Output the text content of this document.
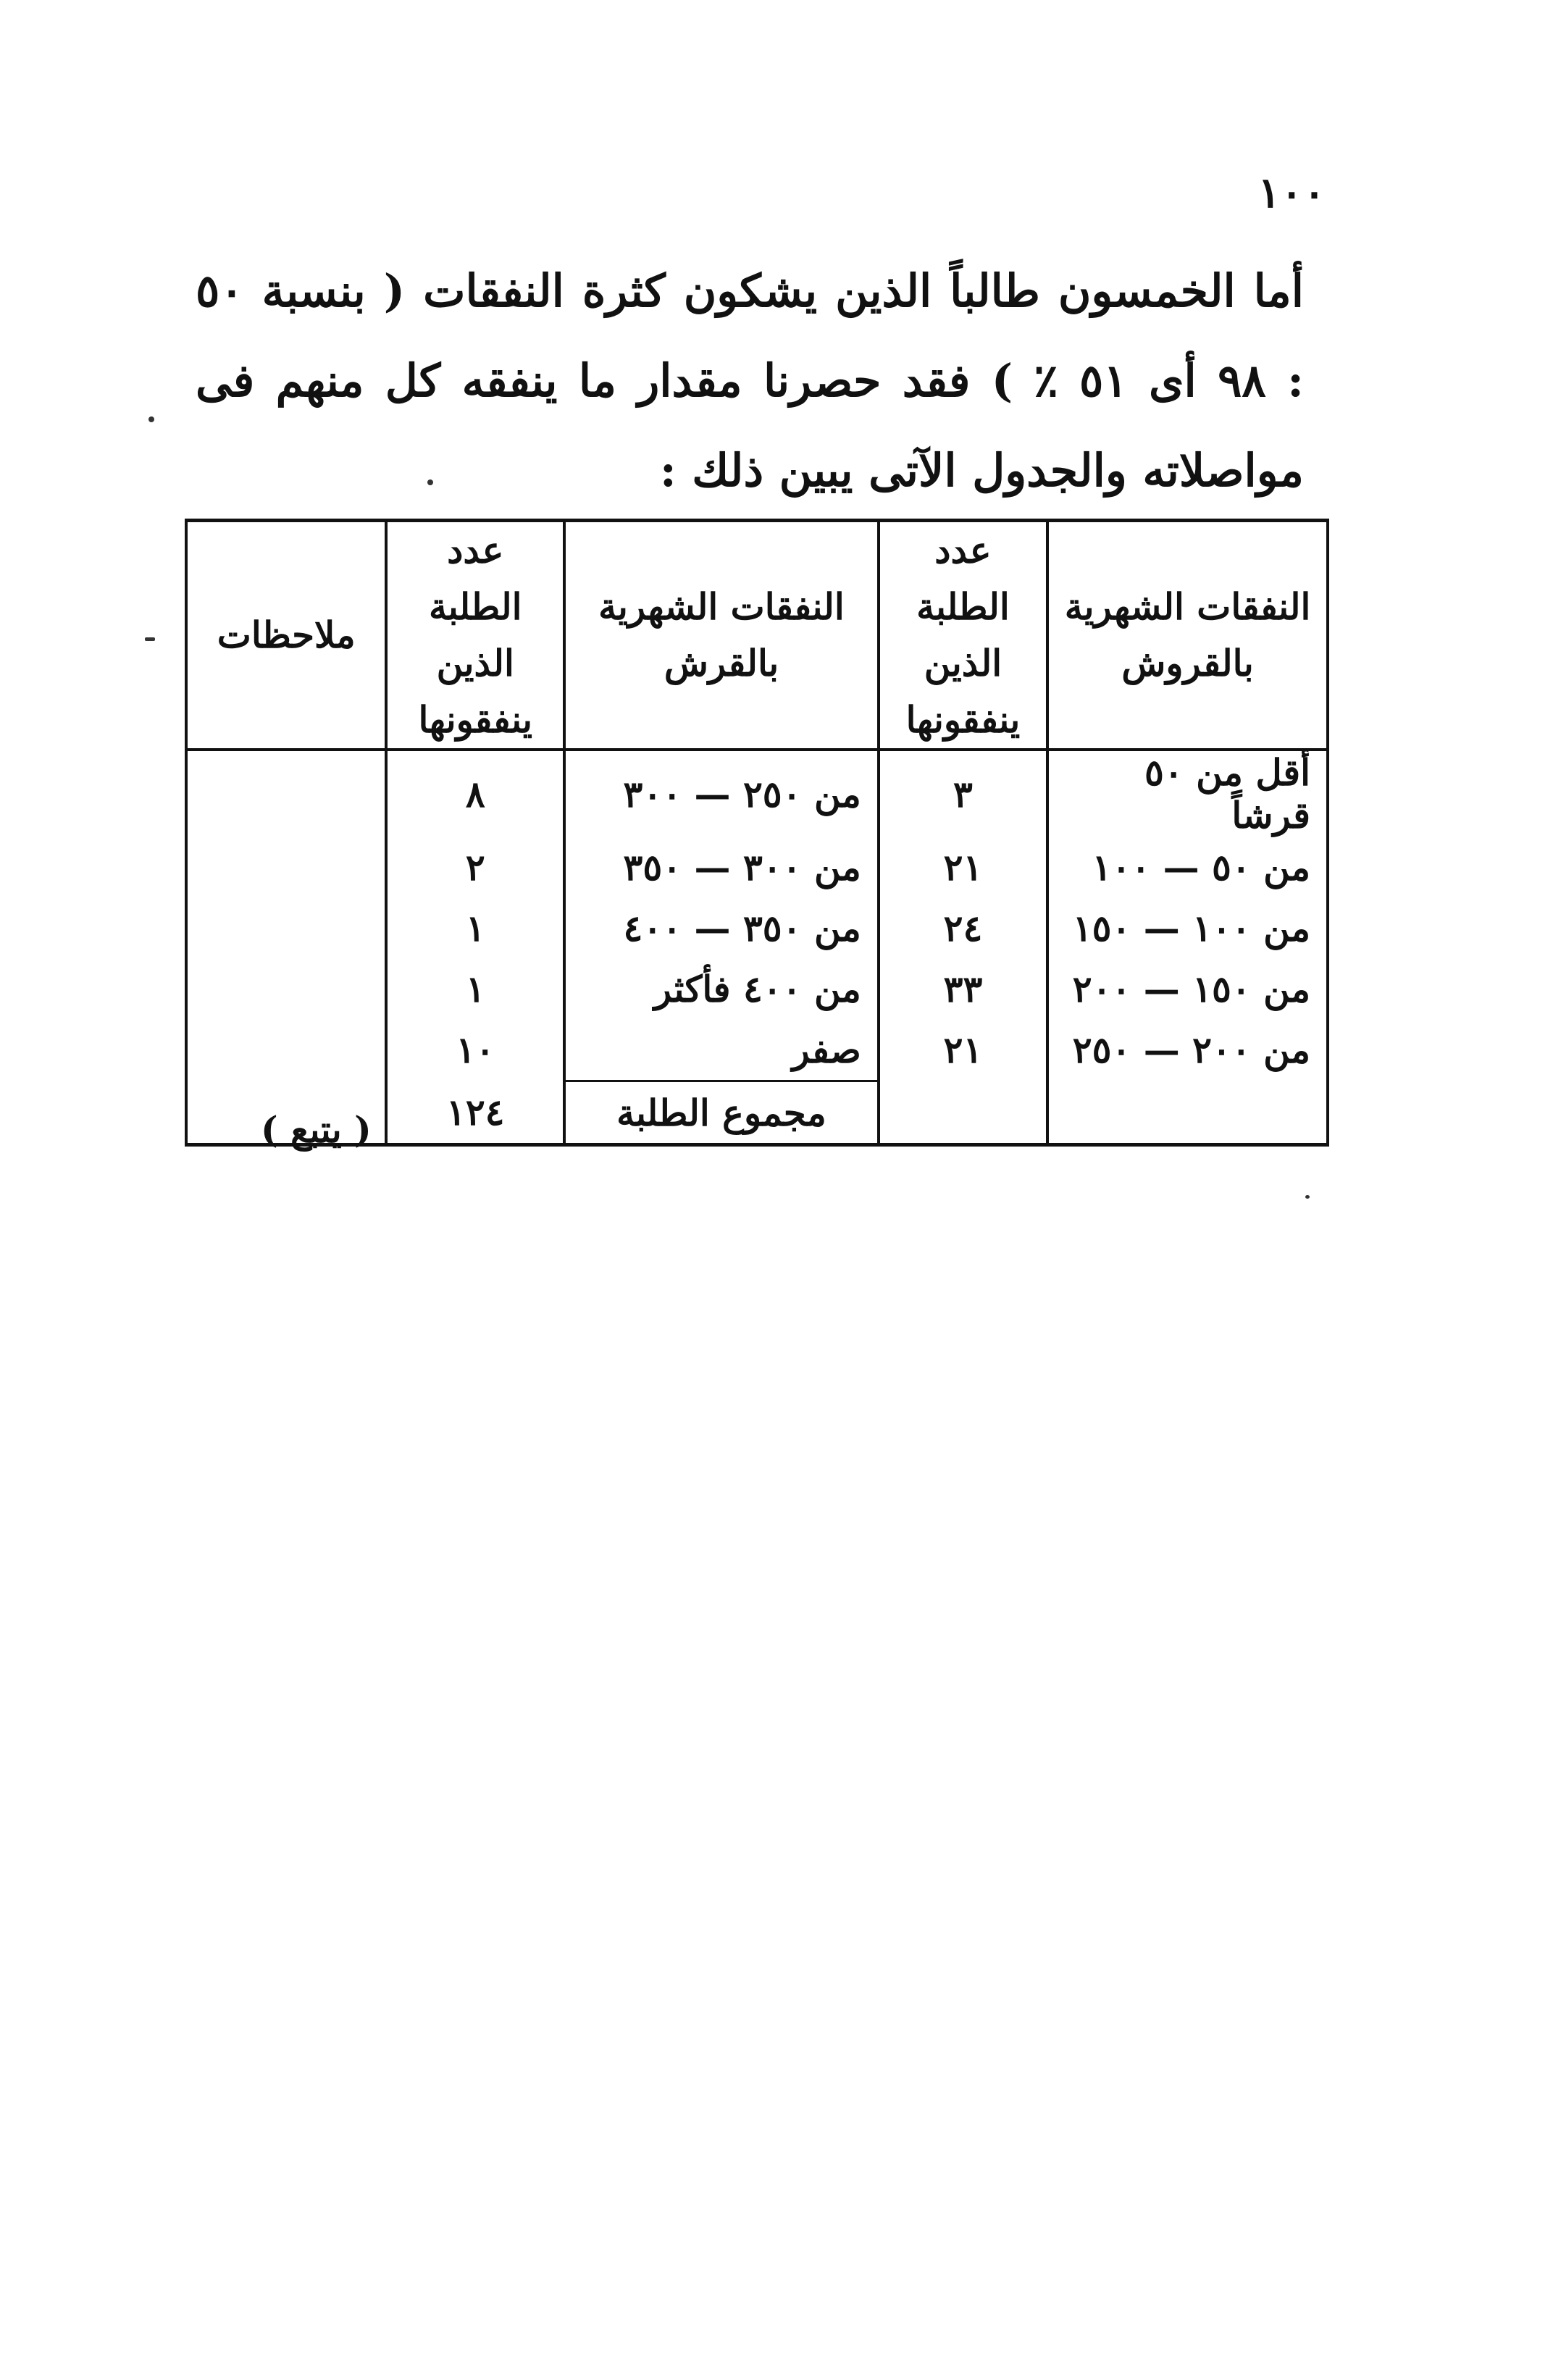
١٠٠
أما الخمسون طالباً الذين يشكون كثرة النفقات ( بنسبة ٥٠ : ٩٨ أى ٥١ ٪ ) فقد حصرنا مقدار ما ينفقه كل منهم فى مواصلاته والجدول الآتى يبين ذلك :
النفقات الشهرية بالقروش	عدد الطلبة الذين ينفقونها	النفقات الشهرية بالقرش	عدد الطلبة الذين ينفقونها	ملاحظات
أقل من ٥٠ قرشاً	٣	من ٢٥٠ — ٣٠٠	٨	
من ٥٠ — ١٠٠	٢١	من ٣٠٠ — ٣٥٠	٢	
من ١٠٠ — ١٥٠	٢٤	من ٣٥٠ — ٤٠٠	١	
من ١٥٠ — ٢٠٠	٣٣	من ٤٠٠ فأكثر	١	
من ٢٠٠ — ٢٥٠	٢١	صفر	١٠	
		مجموع الطلبة	١٢٤	
( يتبع )
